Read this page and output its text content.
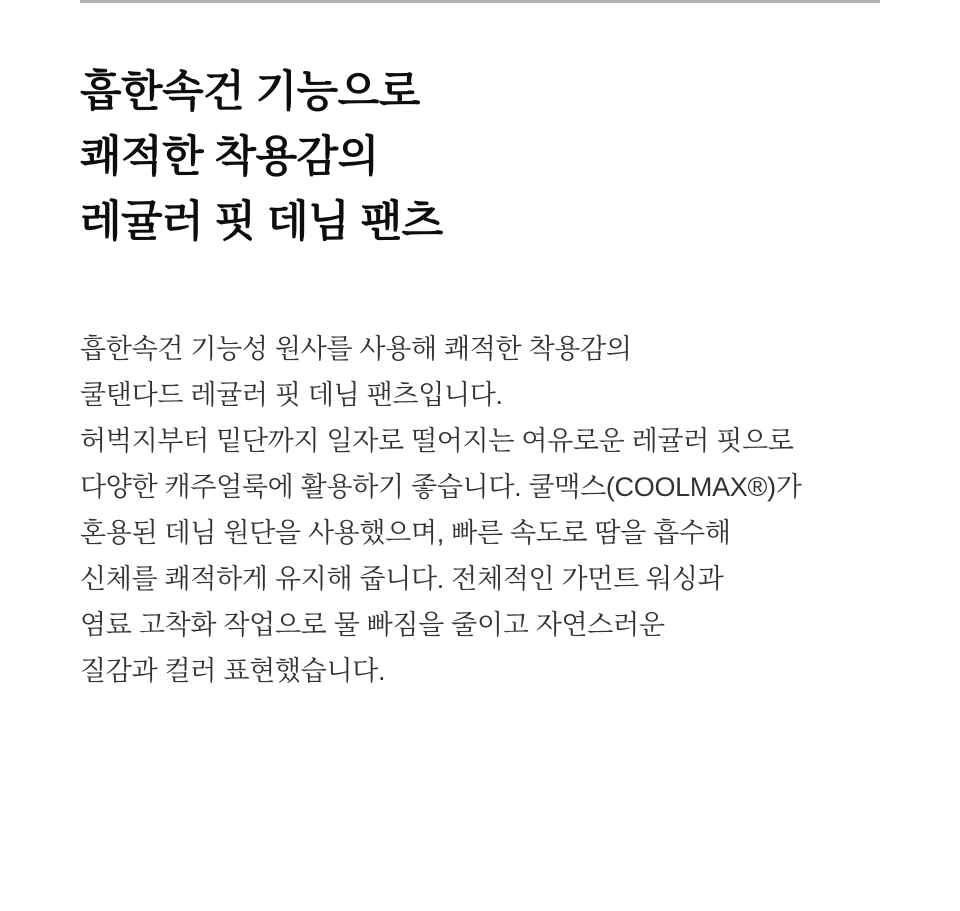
흡한속건 기능으로
쾌적한 착용감의
레귤러 핏 데님 팬츠
흡한속건 기능성 원사를 사용해 쾌적한 착용감의
쿨탠다드 레귤러 핏 데님 팬츠입니다.
허벅지부터 밑단까지 일자로 떨어지는 여유로운 레귤러 핏으로
다양한 캐주얼룩에 활용하기 좋습니다. 쿨맥스(COOLMAX®)가
혼용된 데님 원단을 사용했으며, 빠른 속도로 땀을 흡수해
신체를 쾌적하게 유지해 줍니다. 전체적인 가먼트 워싱과
염료 고착화 작업으로 물 빠짐을 줄이고 자연스러운
질감과 컬러 표현했습니다.
